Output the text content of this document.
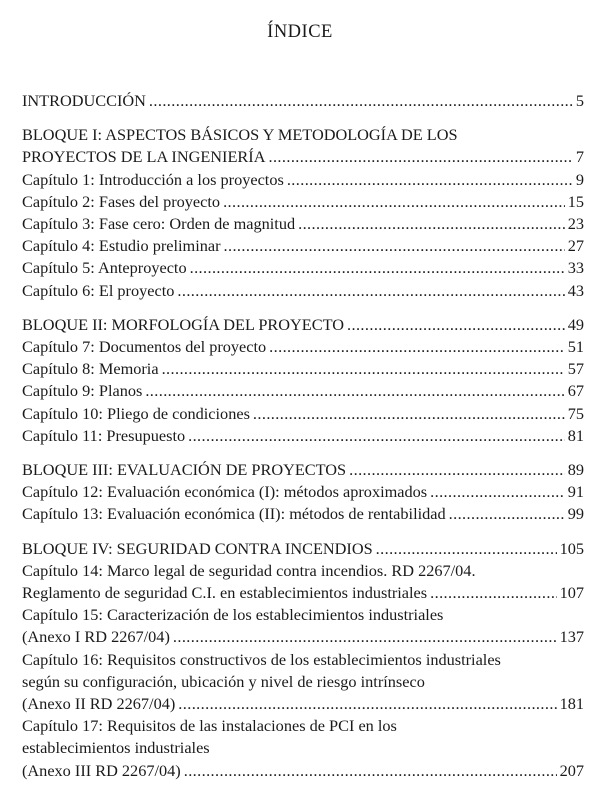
ÍNDICE
INTRODUCCIÓN .....	5
BLOQUE I: ASPECTOS BÁSICOS Y METODOLOGÍA DE LOS
PROYECTOS DE LA INGENIERÍA .....	7
Capítulo 1: Introducción a los proyectos .....	9
Capítulo 2: Fases del proyecto .....	15
Capítulo 3: Fase cero: Orden de magnitud .....	23
Capítulo 4: Estudio preliminar .....	27
Capítulo 5: Anteproyecto .....	33
Capítulo 6: El proyecto .....	43
BLOQUE II: MORFOLOGÍA DEL PROYECTO .....	49
Capítulo 7: Documentos del proyecto .....	51
Capítulo 8: Memoria .....	57
Capítulo 9: Planos .....	67
Capítulo 10: Pliego de condiciones .....	75
Capítulo 11: Presupuesto .....	81
BLOQUE III: EVALUACIÓN DE PROYECTOS .....	89
Capítulo 12: Evaluación económica (I): métodos aproximados .....	91
Capítulo 13: Evaluación económica (II): métodos de rentabilidad .....	99
BLOQUE IV: SEGURIDAD CONTRA INCENDIOS .....	105
Capítulo 14: Marco legal de seguridad contra incendios. RD 2267/04.
Reglamento de seguridad C.I. en establecimientos industriales .....	107
Capítulo 15: Caracterización de los establecimientos industriales
(Anexo I RD 2267/04) .....	137
Capítulo 16: Requisitos constructivos de los establecimientos industriales
según su configuración, ubicación y nivel de riesgo intrínseco
(Anexo II RD 2267/04) .....	181
Capítulo 17: Requisitos de las instalaciones de PCI en los
establecimientos industriales
(Anexo III RD 2267/04) .....	207
